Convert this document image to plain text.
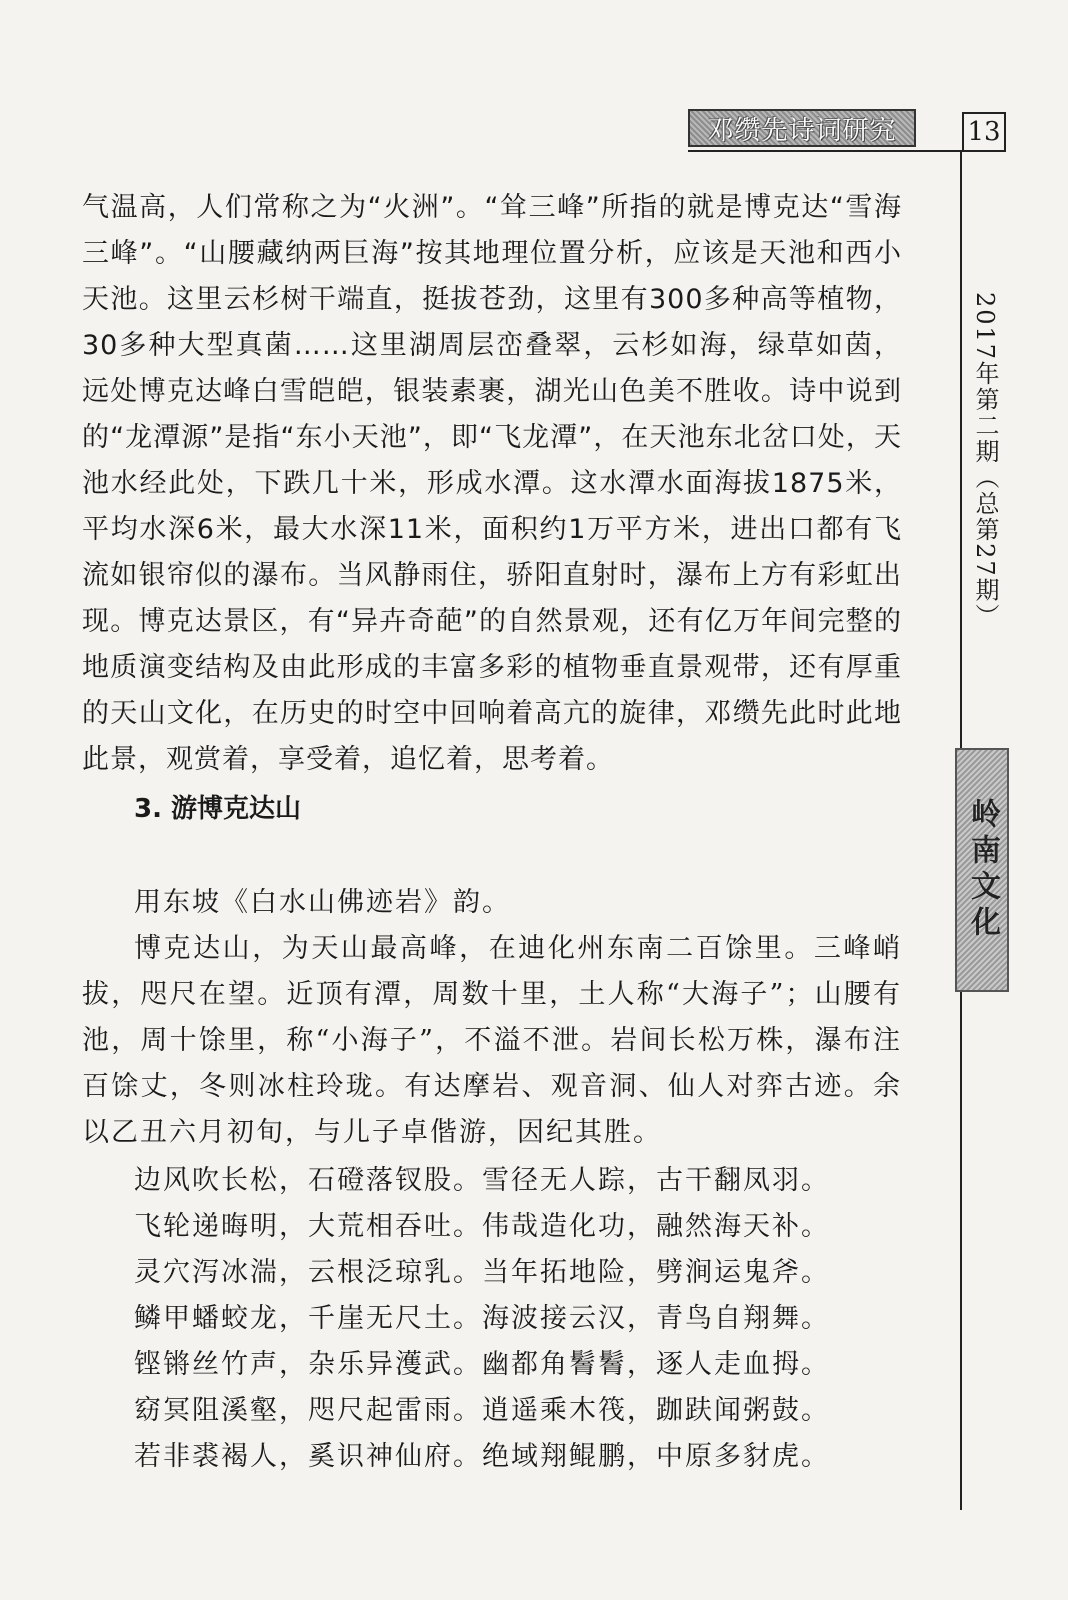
邓缵先诗词研究	13
2017年第二期（总第27期）
岭南文化

气温高，人们常称之为“火洲”。“耸三峰”所指的就是博克达“雪海三峰”。“山腰藏纳两巨海”按其地理位置分析，应该是天池和西小天池。这里云杉树干端直，挺拔苍劲，这里有300多种高等植物，30多种大型真菌……这里湖周层峦叠翠，云杉如海，绿草如茵，远处博克达峰白雪皑皑，银装素裹，湖光山色美不胜收。诗中说到的“龙潭源”是指“东小天池”，即“飞龙潭”，在天池东北岔口处，天池水经此处，下跌几十米，形成水潭。这水潭水面海拔1875米，平均水深6米，最大水深11米，面积约1万平方米，进出口都有飞流如银帘似的瀑布。当风静雨住，骄阳直射时，瀑布上方有彩虹出现。博克达景区，有“异卉奇葩”的自然景观，还有亿万年间完整的地质演变结构及由此形成的丰富多彩的植物垂直景观带，还有厚重的天山文化，在历史的时空中回响着高亢的旋律，邓缵先此时此地此景，观赏着，享受着，追忆着，思考着。

3. 游博克达山

用东坡《白水山佛迹岩》韵。

博克达山，为天山最高峰，在迪化州东南二百馀里。三峰峭拔，咫尺在望。近顶有潭，周数十里，土人称“大海子”；山腰有池，周十馀里，称“小海子”，不溢不泄。岩间长松万株，瀑布注百馀丈，冬则冰柱玲珑。有达摩岩、观音洞、仙人对弈古迹。余以乙丑六月初旬，与儿子卓偕游，因纪其胜。

边风吹长松，石磴落钗股。雪径无人踪，古干翻凤羽。

飞轮递晦明，大荒相吞吐。伟哉造化功，融然海天补。

灵穴泻冰湍，云根泛琼乳。当年拓地险，劈涧运鬼斧。

鳞甲蟠蛟龙，千崖无尺土。海波接云汉，青鸟自翔舞。

铿锵丝竹声，杂乐异濩武。幽都角鬌鬌，逐人走血拇。

窈冥阻溪壑，咫尺起雷雨。逍遥乘木筏，跏趺闻粥鼓。

若非裘褐人，奚识神仙府。绝域翔鲲鹏，中原多豺虎。
